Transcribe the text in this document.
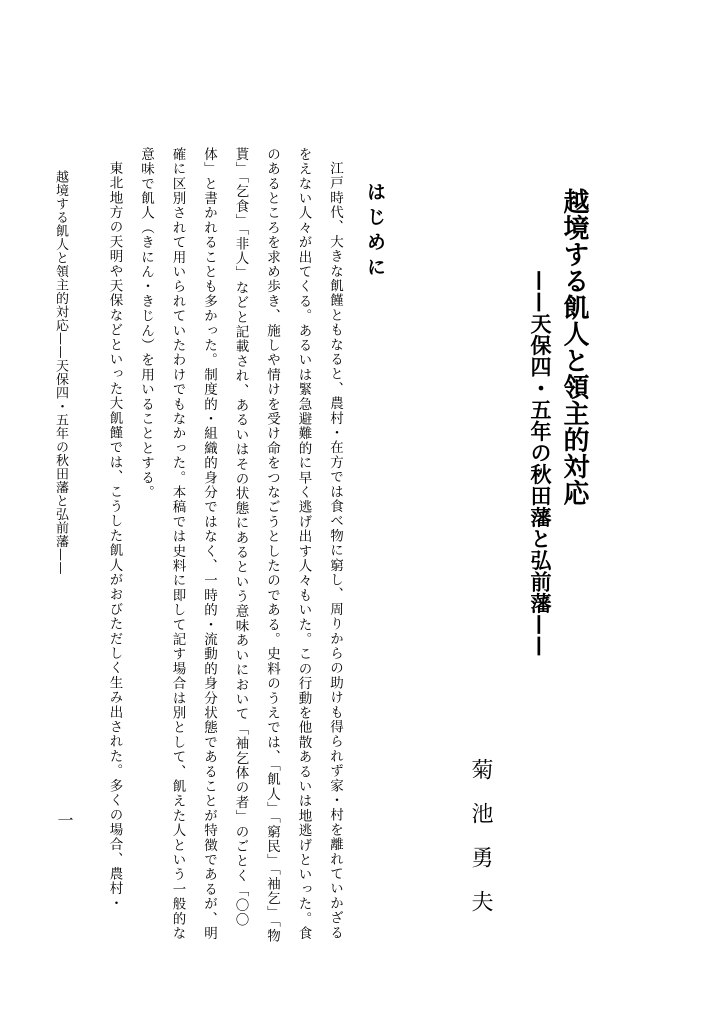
越境する飢人と領主的対応
——天保四・五年の秋田藩と弘前藩——
菊池勇夫
はじめに

江戸時代、大きな飢饉ともなると、農村・在方では食べ物に窮し、周りからの助けも得られず家・村を離れていかざるをえない人々が出てくる。あるいは緊急避難的に早く逃げ出す人々もいた。この行動を他散あるいは地逃げといった。食のあるところを求め歩き、施しや情けを受け命をつなごうとしたのである。史料のうえでは、「飢人」「窮民」「袖乞」「物貰」「乞食」「非人」などと記載され、あるいはその状態にあるという意味あいにおいて「袖乞体の者」のごとく「〇〇体」と書かれることも多かった。制度的・組織的身分ではなく、一時的・流動的身分状態であることが特徴であるが、明確に区別されて用いられていたわけでもなかった。本稿では史料に即して記す場合は別として、飢えた人という一般的な意味で飢人（きにん・きじん）を用いることとする。

東北地方の天明や天保などといった大飢饉では、こうした飢人がおびただしく生み出された。多くの場合、農村・

越境する飢人と領主的対応——天保四・五年の秋田藩と弘前藩——
一
